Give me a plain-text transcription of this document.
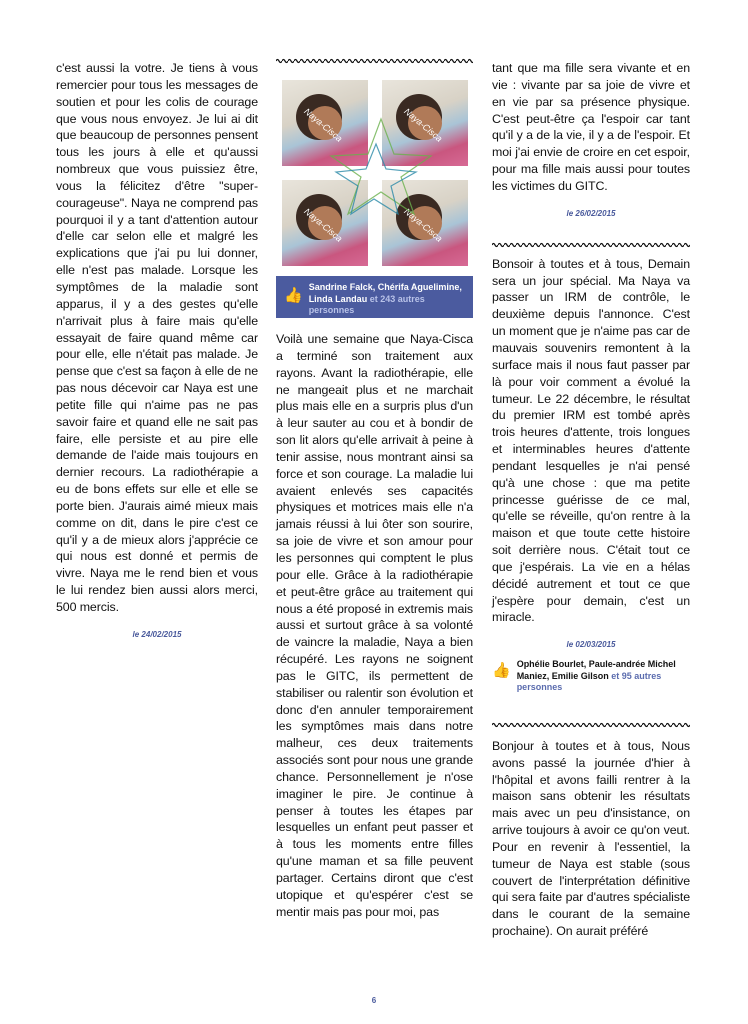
c'est aussi la votre. Je tiens à vous remercier pour tous les messages de soutien et pour les colis de courage que vous nous envoyez. Je lui ai dit que beaucoup de personnes pensent tous les jours à elle et qu'aussi nombreux que vous puissiez être, vous la félicitez d'être "super-courageuse". Naya ne comprend pas pourquoi il y a tant d'attention autour d'elle car selon elle et malgré les explications que j'ai pu lui donner, elle n'est pas malade. Lorsque les symptômes de la maladie sont apparus, il y a des gestes qu'elle n'arrivait plus à faire mais qu'elle essayait de faire quand même car pour elle, elle n'était pas malade. Je pense que c'est sa façon à elle de ne pas nous décevoir car Naya est une petite fille qui n'aime pas ne pas savoir faire et quand elle ne sait pas faire, elle persiste et au pire elle demande de l'aide mais toujours en dernier recours. La radiothérapie a eu de bons effets sur elle et elle se porte bien. J'aurais aimé mieux mais comme on dit, dans le pire c'est ce qu'il y a de mieux alors j'apprécie ce qui nous est donné et permis de vivre. Naya me le rend bien et vous le lui rendez bien aussi alors merci, 500 mercis.

le 24/02/2015
Naya-Cisca	Naya-Cisca
Naya-Cisca	Naya-Cisca
👍 Sandrine Falck, Chérifa Aguelimine, Linda Landau et 243 autres personnes

Voilà une semaine que Naya-Cisca a terminé son traitement aux rayons. Avant la radiothérapie, elle ne mangeait plus et ne marchait plus mais elle en a surpris plus d'un à leur sauter au cou et à bondir de son lit alors qu'elle arrivait à peine à tenir assise, nous montrant ainsi sa force et son courage. La maladie lui avaient enlevés ses capacités physiques et motrices mais elle n'a jamais réussi à lui ôter son sourire, sa joie de vivre et son amour pour les personnes qui comptent le plus pour elle. Grâce à la radiothérapie et peut-être grâce au traitement qui nous a été proposé in extremis mais aussi et surtout grâce à sa volonté de vaincre la maladie, Naya a bien récupéré. Les rayons ne soignent pas le GITC, ils permettent de stabiliser ou ralentir son évolution et donc d'en annuler temporairement les symptômes mais dans notre malheur, ces deux traitements associés sont pour nous une grande chance. Personnellement je n'ose imaginer le pire. Je continue à penser à toutes les étapes par lesquelles un enfant peut passer et à tous les moments entre filles qu'une maman et sa fille peuvent partager. Certains diront que c'est utopique et qu'espérer c'est se mentir mais pas pour moi, pas

tant que ma fille sera vivante et en vie : vivante par sa joie de vivre et en vie par sa présence physique. C'est peut-être ça l'espoir car tant qu'il y a de la vie, il y a de l'espoir. Et moi j'ai envie de croire en cet espoir, pour ma fille mais aussi pour toutes les victimes du GITC.

le 26/02/2015

Bonsoir à toutes et à tous, Demain sera un jour spécial. Ma Naya va passer un IRM de contrôle, le deuxième depuis l'annonce. C'est un moment que je n'aime pas car de mauvais souvenirs remontent à la surface mais il nous faut passer par là pour voir comment a évolué la tumeur. Le 22 décembre, le résultat du premier IRM est tombé après trois heures d'attente, trois longues et interminables heures d'attente pendant lesquelles je n'ai pensé qu'à une chose : que ma petite princesse guérisse de ce mal, qu'elle se réveille, qu'on rentre à la maison et que toute cette histoire soit derrière nous. C'était tout ce que j'espérais. La vie en a hélas décidé autrement et tout ce que j'espère pour demain, c'est un miracle.

le 02/03/2015
👍 Ophélie Bourlet, Paule-andrée Michel Maniez, Emilie Gilson et 95 autres personnes

Bonjour à toutes et à tous, Nous avons passé la journée d'hier à l'hôpital et avons failli rentrer à la maison sans obtenir les résultats mais avec un peu d'insistance, on arrive toujours à avoir ce qu'on veut. Pour en revenir à l'essentiel, la tumeur de Naya est stable (sous couvert de l'interprétation définitive qui sera faite par d'autres spécialiste dans le courant de la semaine prochaine). On aurait préféré

6
